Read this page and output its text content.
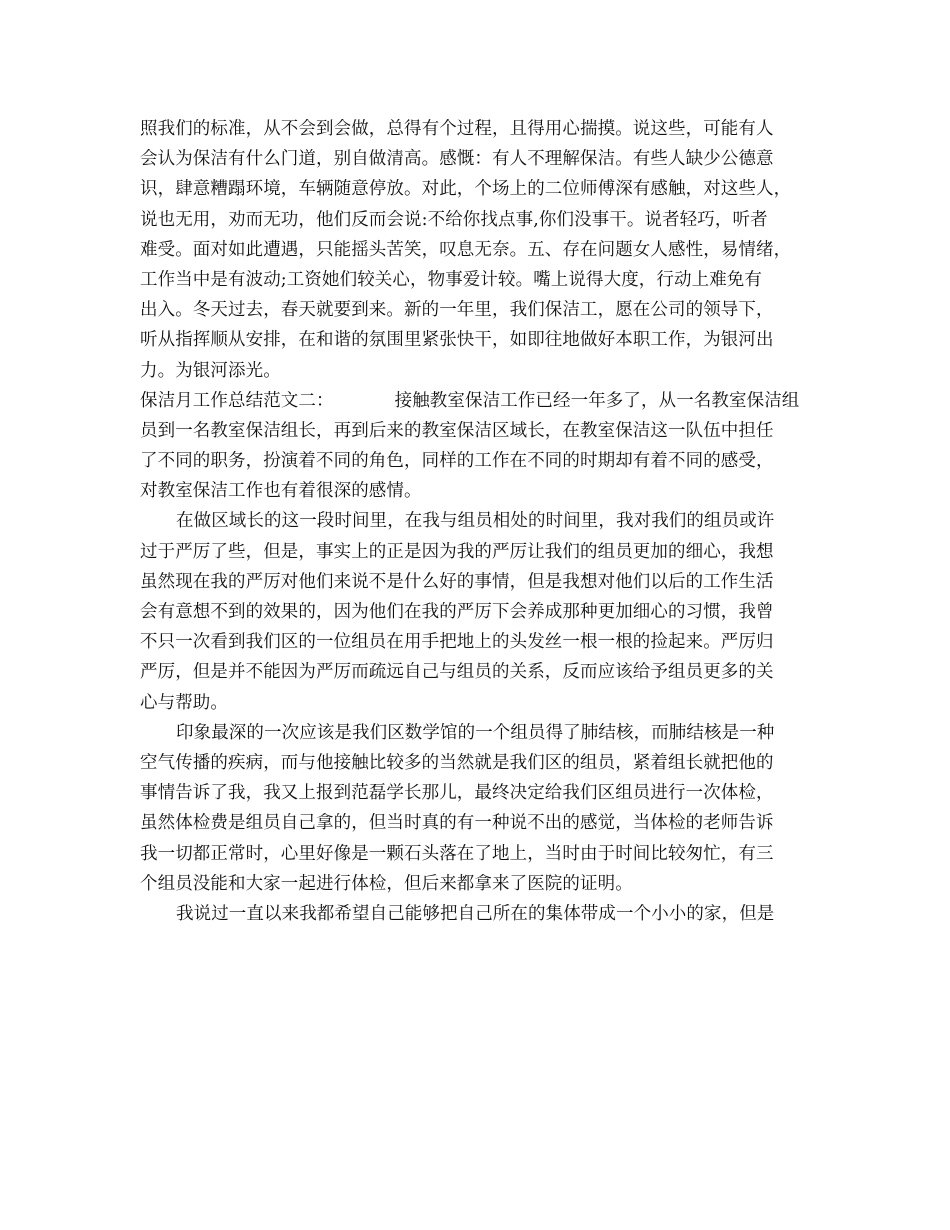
照我们的标准，从不会到会做，总得有个过程，且得用心揣摸。说这些，可能有人
会认为保洁有什么门道，别自做清高。感慨：有人不理解保洁。有些人缺少公德意
识，肆意糟蹋环境，车辆随意停放。对此，个场上的二位师傅深有感触，对这些人，
说也无用，劝而无功，他们反而会说:不给你找点事,你们没事干。说者轻巧，听者
难受。面对如此遭遇，只能摇头苦笑，叹息无奈。五、存在问题女人感性，易情绪，
工作当中是有波动;工资她们较关心，物事爱计较。嘴上说得大度，行动上难免有
出入。冬天过去，春天就要到来。新的一年里，我们保洁工，愿在公司的领导下，
听从指挥顺从安排，在和谐的氛围里紧张快干，如即往地做好本职工作，为银河出
力。为银河添光。
保洁月工作总结范文二：	接触教室保洁工作已经一年多了，从一名教室保洁组
员到一名教室保洁组长，再到后来的教室保洁区域长，在教室保洁这一队伍中担任
了不同的职务，扮演着不同的角色，同样的工作在不同的时期却有着不同的感受，
对教室保洁工作也有着很深的感情。
在做区域长的这一段时间里，在我与组员相处的时间里，我对我们的组员或许
过于严厉了些，但是，事实上的正是因为我的严厉让我们的组员更加的细心，我想
虽然现在我的严厉对他们来说不是什么好的事情，但是我想对他们以后的工作生活
会有意想不到的效果的，因为他们在我的严厉下会养成那种更加细心的习惯，我曾
不只一次看到我们区的一位组员在用手把地上的头发丝一根一根的捡起来。严厉归
严厉，但是并不能因为严厉而疏远自己与组员的关系，反而应该给予组员更多的关
心与帮助。
印象最深的一次应该是我们区数学馆的一个组员得了肺结核，而肺结核是一种
空气传播的疾病，而与他接触比较多的当然就是我们区的组员，紧着组长就把他的
事情告诉了我，我又上报到范磊学长那儿，最终决定给我们区组员进行一次体检，
虽然体检费是组员自己拿的，但当时真的有一种说不出的感觉，当体检的老师告诉
我一切都正常时，心里好像是一颗石头落在了地上，当时由于时间比较匆忙，有三
个组员没能和大家一起进行体检，但后来都拿来了医院的证明。
我说过一直以来我都希望自己能够把自己所在的集体带成一个小小的家，但是
